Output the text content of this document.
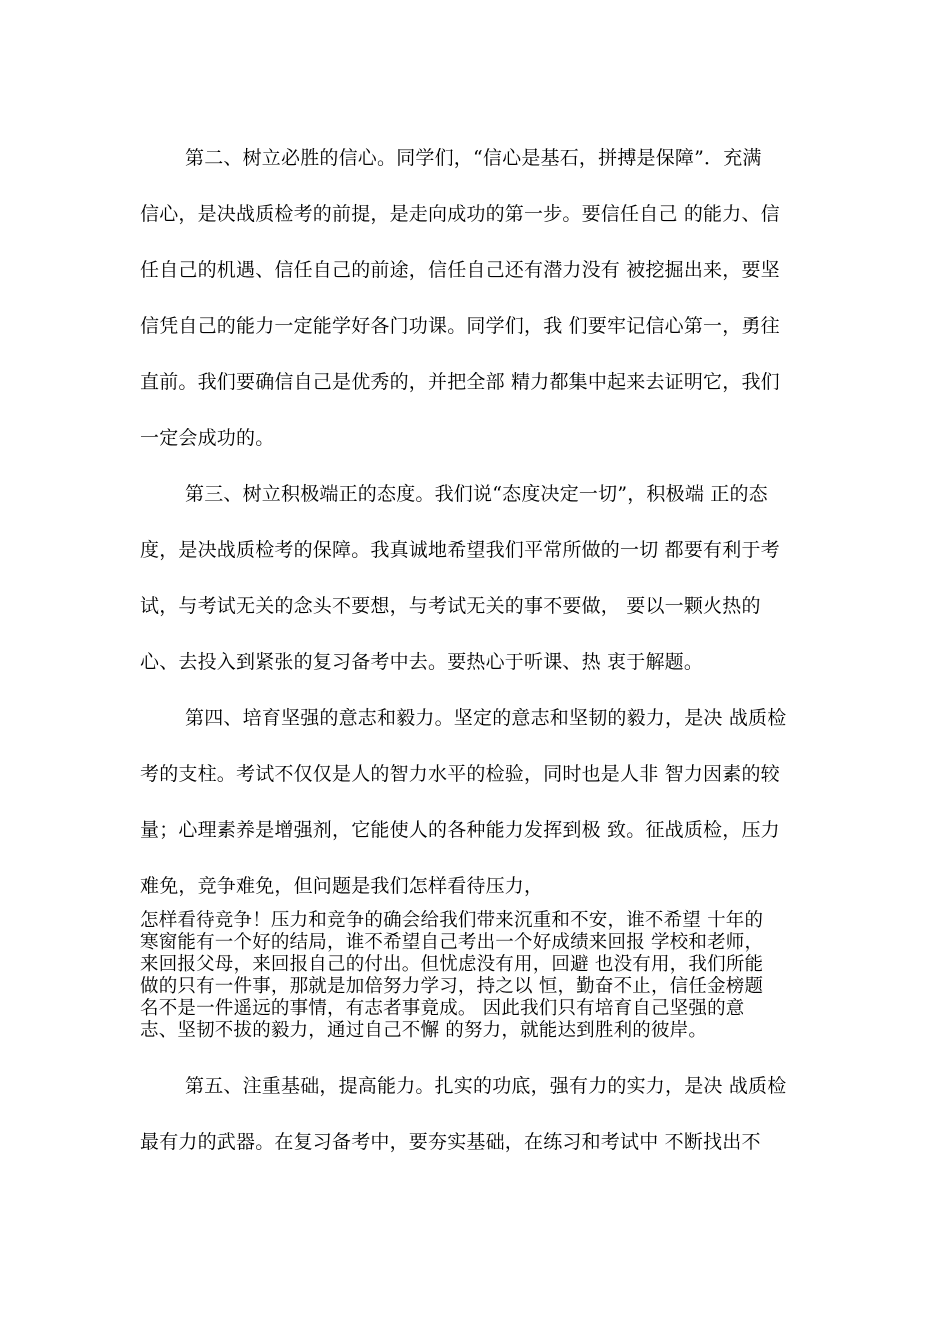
第二、树立必胜的信心。同学们，“信心是基石，拼搏是保障”．充满
信心，是决战质检考的前提，是走向成功的第一步。要信任自己 的能力、信
任自己的机遇、信任自己的前途，信任自己还有潜力没有 被挖掘出来，要坚
信凭自己的能力一定能学好各门功课。同学们，我 们要牢记信心第一，勇往
直前。我们要确信自己是优秀的，并把全部 精力都集中起来去证明它，我们
一定会成功的。
第三、树立积极端正的态度。我们说“态度决定一切”，积极端 正的态
度，是决战质检考的保障。我真诚地希望我们平常所做的一切 都要有利于考
试，与考试无关的念头不要想，与考试无关的事不要做， 要以一颗火热的
心、去投入到紧张的复习备考中去。要热心于听课、热 衷于解题。
第四、培育坚强的意志和毅力。坚定的意志和坚韧的毅力，是决 战质检
考的支柱。考试不仅仅是人的智力水平的检验，同时也是人非 智力因素的较
量；心理素养是增强剂，它能使人的各种能力发挥到极 致。征战质检，压力
难免，竞争难免，但问题是我们怎样看待压力，
怎样看待竞争！压力和竞争的确会给我们带来沉重和不安，谁不希望 十年的
寒窗能有一个好的结局，谁不希望自己考出一个好成绩来回报 学校和老师，
来回报父母，来回报自己的付出。但忧虑没有用，回避 也没有用，我们所能
做的只有一件事，那就是加倍努力学习，持之以 恒，勤奋不止，信任金榜题
名不是一件遥远的事情，有志者事竟成。 因此我们只有培育自己坚强的意
志、坚韧不拔的毅力，通过自己不懈 的努力，就能达到胜利的彼岸。
第五、注重基础，提高能力。扎实的功底，强有力的实力，是决 战质检
最有力的武器。在复习备考中，要夯实基础，在练习和考试中 不断找出不
